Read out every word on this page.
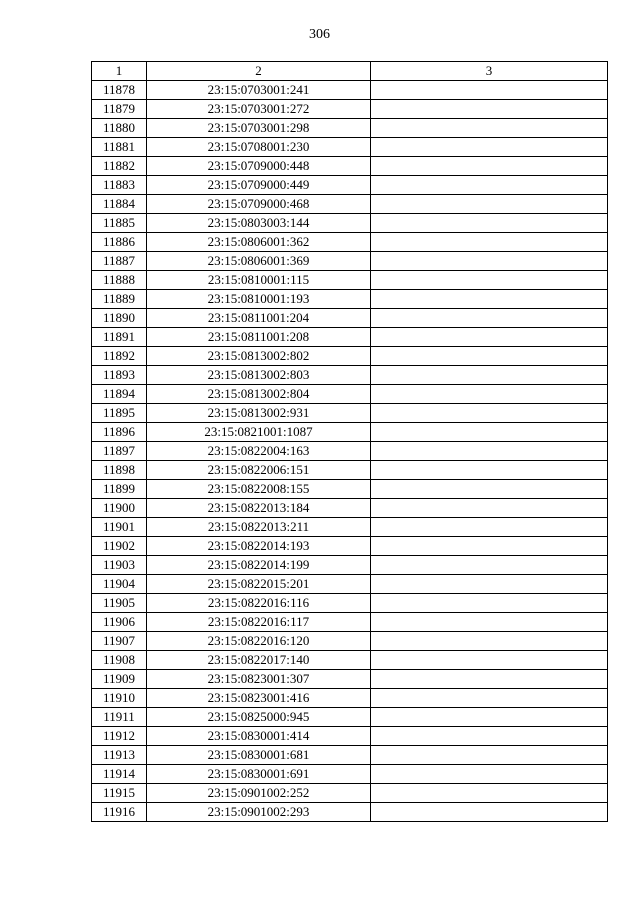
306
1	2	3
11878	23:15:0703001:241	
11879	23:15:0703001:272	
11880	23:15:0703001:298	
11881	23:15:0708001:230	
11882	23:15:0709000:448	
11883	23:15:0709000:449	
11884	23:15:0709000:468	
11885	23:15:0803003:144	
11886	23:15:0806001:362	
11887	23:15:0806001:369	
11888	23:15:0810001:115	
11889	23:15:0810001:193	
11890	23:15:0811001:204	
11891	23:15:0811001:208	
11892	23:15:0813002:802	
11893	23:15:0813002:803	
11894	23:15:0813002:804	
11895	23:15:0813002:931	
11896	23:15:0821001:1087	
11897	23:15:0822004:163	
11898	23:15:0822006:151	
11899	23:15:0822008:155	
11900	23:15:0822013:184	
11901	23:15:0822013:211	
11902	23:15:0822014:193	
11903	23:15:0822014:199	
11904	23:15:0822015:201	
11905	23:15:0822016:116	
11906	23:15:0822016:117	
11907	23:15:0822016:120	
11908	23:15:0822017:140	
11909	23:15:0823001:307	
11910	23:15:0823001:416	
11911	23:15:0825000:945	
11912	23:15:0830001:414	
11913	23:15:0830001:681	
11914	23:15:0830001:691	
11915	23:15:0901002:252	
11916	23:15:0901002:293	
